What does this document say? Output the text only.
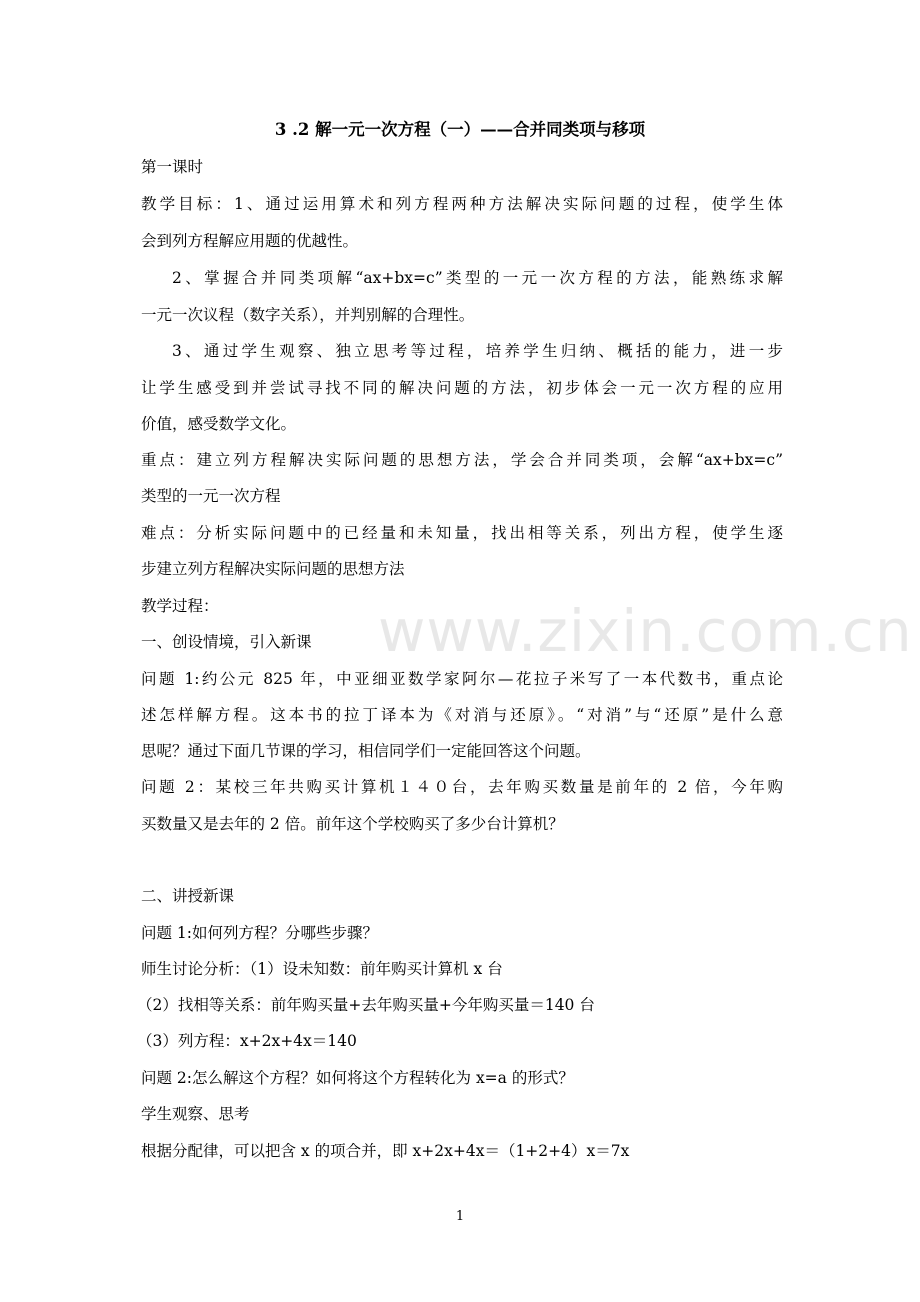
3 .2 解一元一次方程（一）——合并同类项与移项
第一课时
教学目标：1、通过运用算术和列方程两种方法解决实际问题的过程，使学生体
会到列方程解应用题的优越性。
2、掌握合并同类项解“ax+bx=c”类型的一元一次方程的方法，能熟练求解
一元一次议程（数字关系），并判别解的合理性。
3、通过学生观察、独立思考等过程，培养学生归纳、概括的能力，进一步
让学生感受到并尝试寻找不同的解决问题的方法，初步体会一元一次方程的应用
价值，感受数学文化。
重点：建立列方程解决实际问题的思想方法，学会合并同类项，会解“ax+bx=c”
类型的一元一次方程
难点：分析实际问题中的已经量和未知量，找出相等关系，列出方程，使学生逐
步建立列方程解决实际问题的思想方法
教学过程：
一、创设情境，引入新课
问题 1:约公元 825 年，中亚细亚数学家阿尔—花拉子米写了一本代数书，重点论
述怎样解方程。这本书的拉丁译本为《对消与还原》。“对消”与“还原”是什么意
思呢？通过下面几节课的学习，相信同学们一定能回答这个问题。
问题 2：某校三年共购买计算机１４０台，去年购买数量是前年的 2 倍，今年购
买数量又是去年的 2 倍。前年这个学校购买了多少台计算机？
二、讲授新课
问题 1:如何列方程？分哪些步骤？
师生讨论分析：（1）设未知数：前年购买计算机 x 台
（2）找相等关系：前年购买量+去年购买量+今年购买量＝140 台
（3）列方程：x+2x+4x＝140
问题 2:怎么解这个方程？如何将这个方程转化为 x=a 的形式？
学生观察、思考
根据分配律，可以把含 x 的项合并，即 x+2x+4x＝（1+2+4）x＝7x
www.zixin.com.cn
1
